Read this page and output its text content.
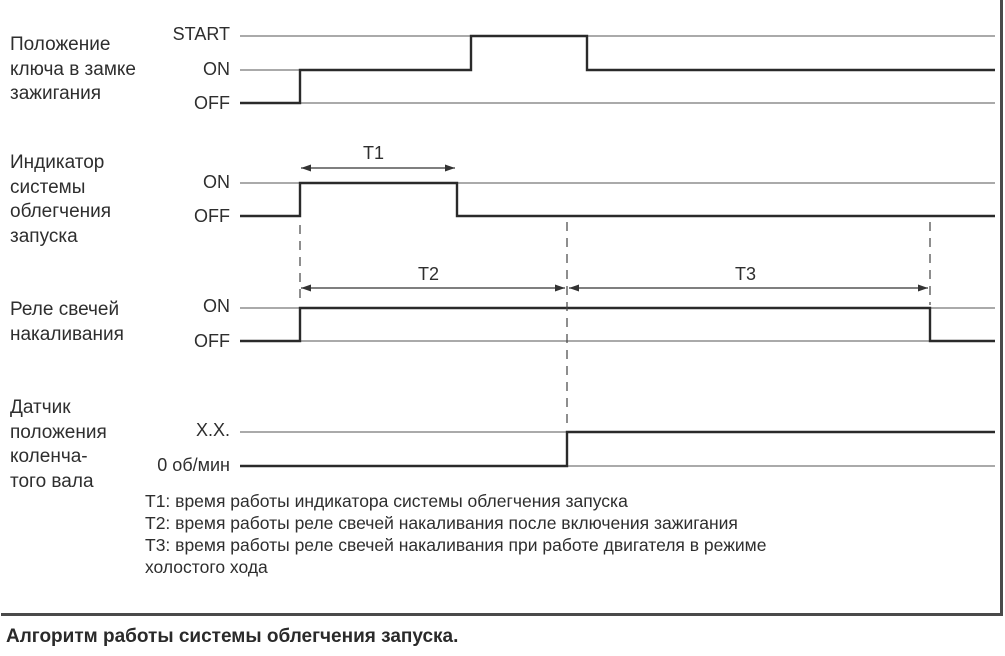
Положение
ключа в замке
зажигания
Индикатор
системы
облегчения
запуска
Реле свечей
накаливания
Датчик
положения
коленча-
того вала
START
ON
OFF
ON
OFF
ON
OFF
X.X.
0 об/мин
T1
T2	T3
T1: время работы индикатора системы облегчения запуска
T2: время работы реле свечей накаливания после включения зажигания
T3: время работы реле свечей накаливания при работе двигателя в режиме
холостого хода
Алгоритм работы системы облегчения запуска.
